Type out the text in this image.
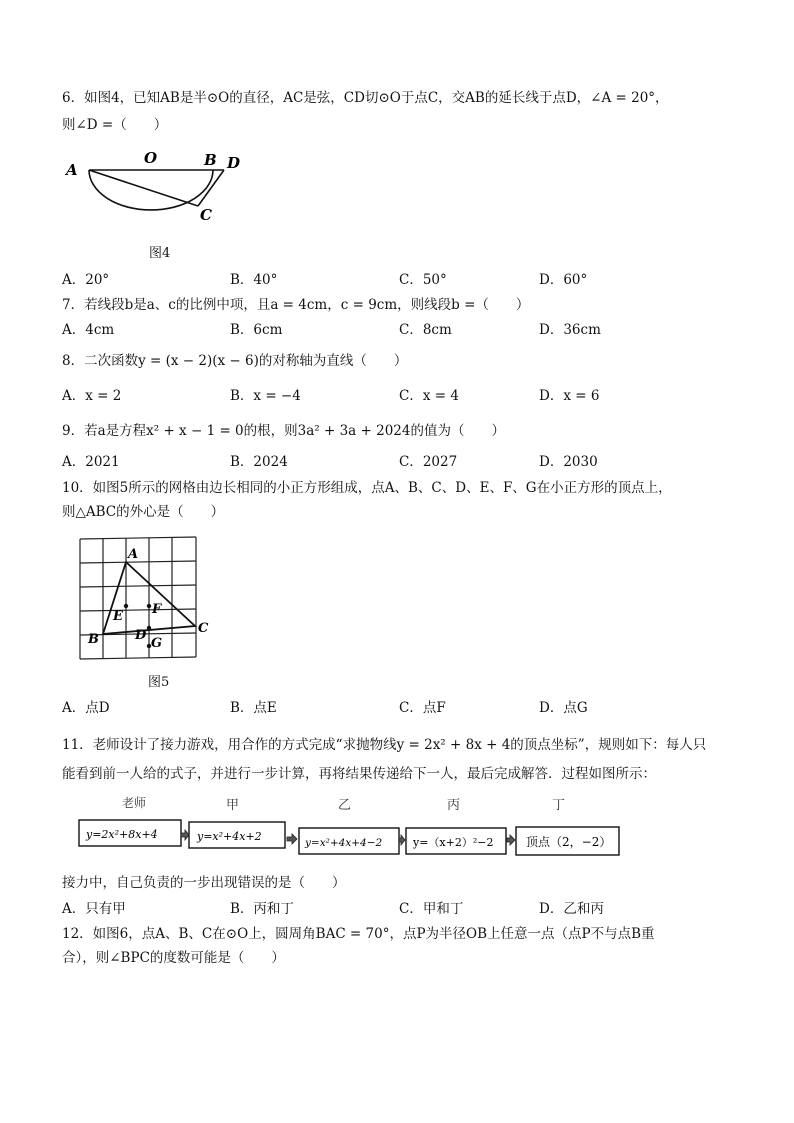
6．如图4，已知AB是半⊙O的直径，AC是弦，CD切⊙O于点C，交AB的延长线于点D，∠A = 20°，
则∠D =（　　）
A
O	B D
C
图4
A．20°	B．40°	C．50°	D．60°
7．若线段b是a、c的比例中项，且a = 4cm，c = 9cm，则线段b =（　　）
A．4cm	B．6cm	C．8cm	D．36cm
8．二次函数y = (x − 2)(x − 6)的对称轴为直线（　　）
A．x = 2	B．x = −4	C．x = 4	D．x = 6
9．若a是方程x² + x − 1 = 0的根，则3a² + 3a + 2024的值为（　　）
A．2021	B．2024	C．2027	D．2030
10．如图5所示的网格由边长相同的小正方形组成，点A、B、C、D、E、F、G在小正方形的顶点上，
则△ABC的外心是（　　）
A
B
C
E F
D
G
图5
A．点D	B．点E	C．点F	D．点G
11．老师设计了接力游戏，用合作的方式完成“求抛物线y = 2x² + 8x + 4的顶点坐标”，规则如下：每人只
能看到前一人给的式子，并进行一步计算，再将结果传递给下一人，最后完成解答．过程如图所示：
老师	甲	乙	丙	丁
y=2x²+8x+4	y=x²+4x+2	y=x²+4x+4−2	y=（x+2）²−2	顶点（2，−2）
接力中，自己负责的一步出现错误的是（　　）
A．只有甲	B．丙和丁	C．甲和丁	D．乙和丙
12．如图6，点A、B、C在⊙O上，圆周角BAC = 70°，点P为半径OB上任意一点（点P不与点B重
合），则∠BPC的度数可能是（　　）
